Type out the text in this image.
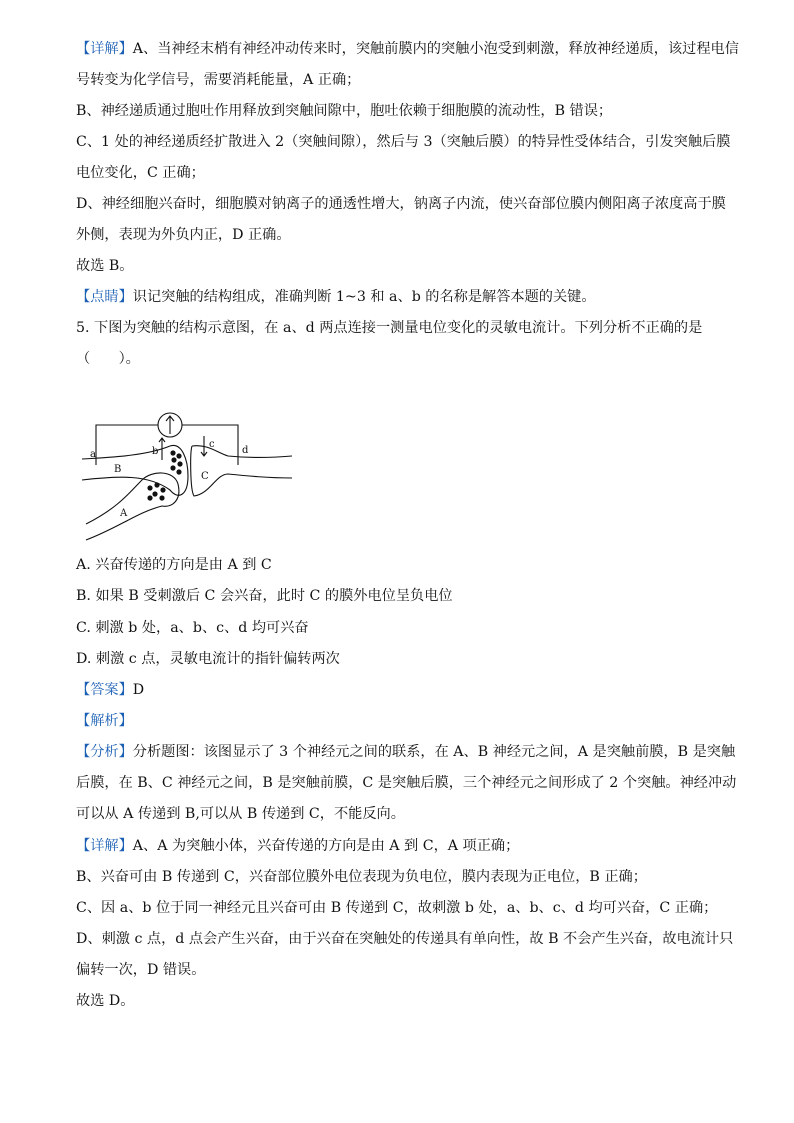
【详解】A、当神经末梢有神经冲动传来时，突触前膜内的突触小泡受到刺激，释放神经递质，该过程电信
号转变为化学信号，需要消耗能量，A 正确；
B、神经递质通过胞吐作用释放到突触间隙中，胞吐依赖于细胞膜的流动性，B 错误；
C、1 处的神经递质经扩散进入 2（突触间隙），然后与 3（突触后膜）的特异性受体结合，引发突触后膜
电位变化，C 正确；
D、神经细胞兴奋时，细胞膜对钠离子的通透性增大，钠离子内流，使兴奋部位膜内侧阳离子浓度高于膜
外侧，表现为外负内正，D 正确。
故选 B。
【点睛】识记突触的结构组成，准确判断 1~3 和 a、b 的名称是解答本题的关键。
5. 下图为突触的结构示意图，在 a、d 两点连接一测量电位变化的灵敏电流计。下列分析不正确的是
（　　）。
a	b
c
d
B
C
A
A. 兴奋传递的方向是由 A 到 C
B. 如果 B 受刺激后 C 会兴奋，此时 C 的膜外电位呈负电位
C. 刺激 b 处，a、b、c、d 均可兴奋
D. 刺激 c 点，灵敏电流计的指针偏转两次
【答案】D
【解析】
【分析】分析题图：该图显示了 3 个神经元之间的联系，在 A、B 神经元之间，A 是突触前膜，B 是突触
后膜，在 B、C 神经元之间，B 是突触前膜，C 是突触后膜，三个神经元之间形成了 2 个突触。神经冲动
可以从 A 传递到 B,可以从 B 传递到 C，不能反向。
【详解】A、A 为突触小体，兴奋传递的方向是由 A 到 C，A 项正确；
B、兴奋可由 B 传递到 C，兴奋部位膜外电位表现为负电位，膜内表现为正电位，B 正确；
C、因 a、b 位于同一神经元且兴奋可由 B 传递到 C，故刺激 b 处，a、b、c、d 均可兴奋，C 正确；
D、刺激 c 点，d 点会产生兴奋，由于兴奋在突触处的传递具有单向性，故 B 不会产生兴奋，故电流计只
偏转一次，D 错误。
故选 D。
